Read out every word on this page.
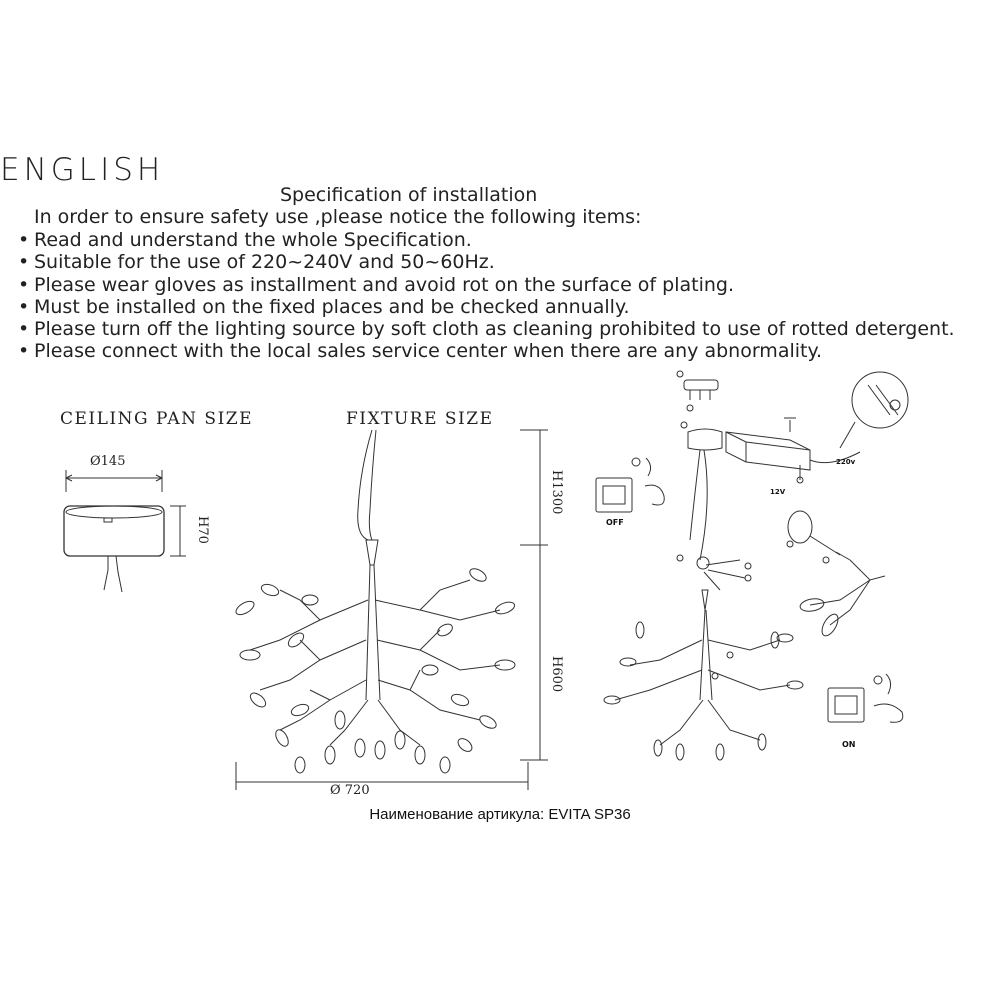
ENGLISH
Specification of installation
In order to ensure safety use ,please notice the following items:
• Read and understand the whole Specification.
• Suitable for the use of 220~240V and 50~60Hz.
• Please wear gloves as installment and avoid rot on the surface of plating.
• Must be installed on the fixed places and be checked annually.
• Please turn off the lighting source by soft cloth as cleaning prohibited to use of rotted detergent.
• Please connect with the local sales service center when there are any abnormality.
CEILING PAN SIZE	FIXTURE SIZE
Ø145
H70
H1300
H600
Ø 720
OFF
ON
220v
12V
Наименование артикула: EVITA SP36
